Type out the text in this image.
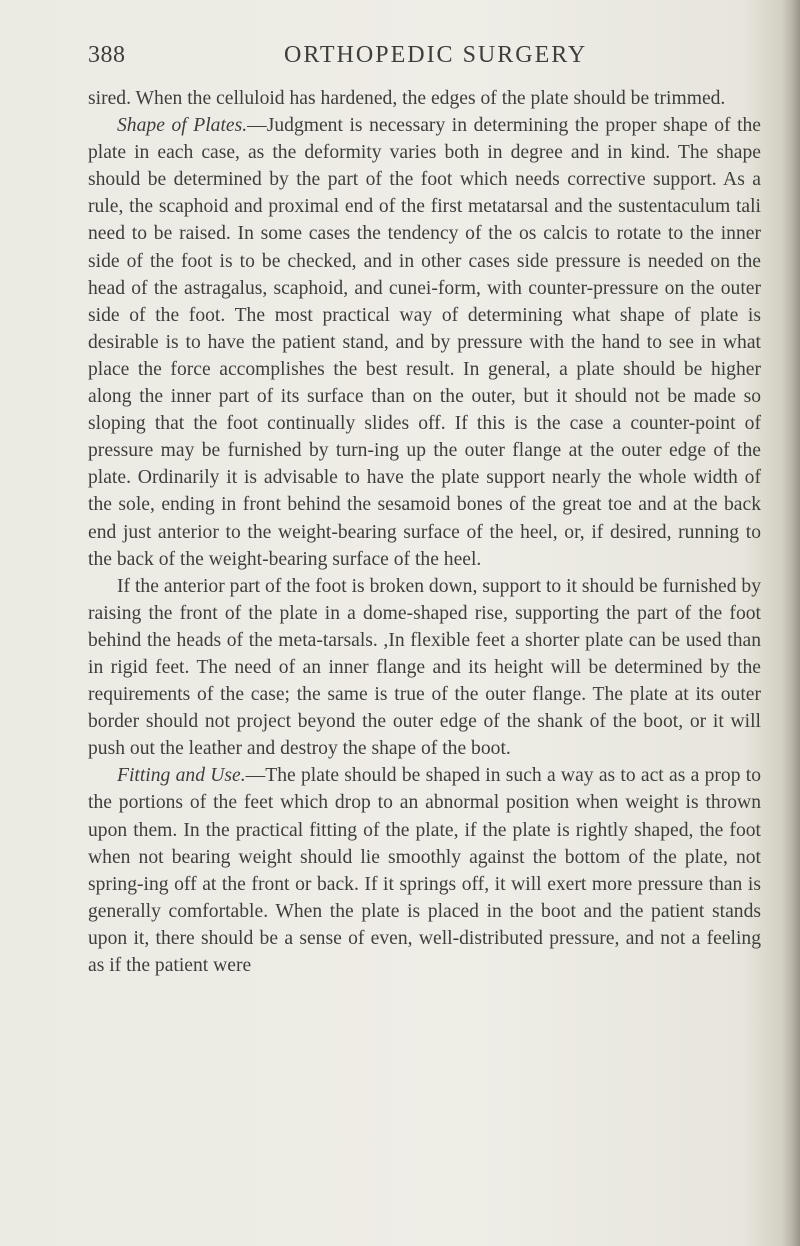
388	ORTHOPEDIC SURGERY

sired. When the celluloid has hardened, the edges of the plate should be trimmed.

Shape of Plates.—Judgment is necessary in determining the proper shape of the plate in each case, as the deformity varies both in degree and in kind. The shape should be determined by the part of the foot which needs corrective support. As a rule, the scaphoid and proximal end of the first metatarsal and the sustentaculum tali need to be raised. In some cases the tendency of the os calcis to rotate to the inner side of the foot is to be checked, and in other cases side pressure is needed on the head of the astragalus, scaphoid, and cunei-form, with counter-pressure on the outer side of the foot. The most practical way of determining what shape of plate is desirable is to have the patient stand, and by pressure with the hand to see in what place the force accomplishes the best result. In general, a plate should be higher along the inner part of its surface than on the outer, but it should not be made so sloping that the foot continually slides off. If this is the case a counter-point of pressure may be furnished by turn-ing up the outer flange at the outer edge of the plate. Ordinarily it is advisable to have the plate support nearly the whole width of the sole, ending in front behind the sesamoid bones of the great toe and at the back end just anterior to the weight-bearing surface of the heel, or, if desired, running to the back of the weight-bearing surface of the heel.

If the anterior part of the foot is broken down, support to it should be furnished by raising the front of the plate in a dome-shaped rise, supporting the part of the foot behind the heads of the meta-tarsals. ,In flexible feet a shorter plate can be used than in rigid feet. The need of an inner flange and its height will be determined by the requirements of the case; the same is true of the outer flange. The plate at its outer border should not project beyond the outer edge of the shank of the boot, or it will push out the leather and destroy the shape of the boot.

Fitting and Use.—The plate should be shaped in such a way as to act as a prop to the portions of the feet which drop to an abnormal position when weight is thrown upon them. In the practical fitting of the plate, if the plate is rightly shaped, the foot when not bearing weight should lie smoothly against the bottom of the plate, not spring-ing off at the front or back. If it springs off, it will exert more pressure than is generally comfortable. When the plate is placed in the boot and the patient stands upon it, there should be a sense of even, well-distributed pressure, and not a feeling as if the patient were
